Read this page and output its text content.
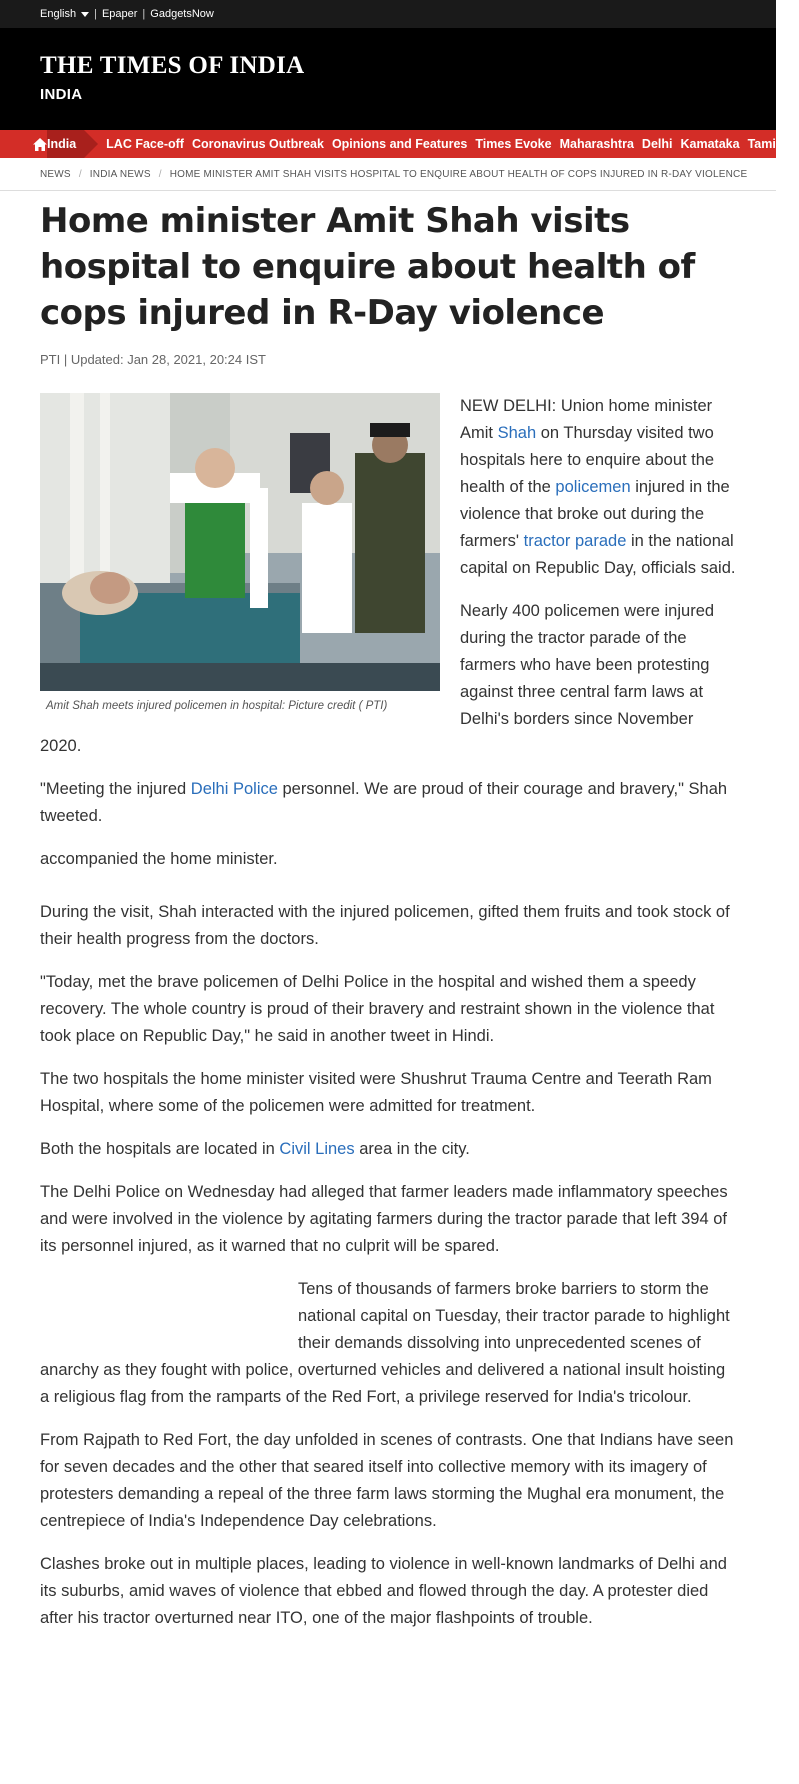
English | Epaper | GadgetsNow
THE TIMES OF INDIA
INDIA
India	LAC Face-off Coronavirus Outbreak Opinions and Features Times Evoke Maharashtra Delhi Kamataka Tamil Na
NEWS / INDIA NEWS / HOME MINISTER AMIT SHAH VISITS HOSPITAL TO ENQUIRE ABOUT HEALTH OF COPS INJURED IN R-DAY VIOLENCE
Home minister Amit Shah visits hospital to enquire about health of cops injured in R-Day violence
PTI | Updated: Jan 28, 2021, 20:24 IST
Amit Shah meets injured policemen in hospital: Picture credit ( PTI)

NEW DELHI: Union home minister Amit Shah on Thursday visited two hospitals here to enquire about the health of the policemen injured in the violence that broke out during the farmers' tractor parade in the national capital on Republic Day, officials said.

Nearly 400 policemen were injured during the tractor parade of the farmers who have been protesting against three central farm laws at Delhi's borders since November 2020.

"Meeting the injured Delhi Police personnel. We are proud of their courage and bravery," Shah tweeted.

accompanied the home minister.

During the visit, Shah interacted with the injured policemen, gifted them fruits and took stock of their health progress from the doctors.

"Today, met the brave policemen of Delhi Police in the hospital and wished them a speedy recovery. The whole country is proud of their bravery and restraint shown in the violence that took place on Republic Day," he said in another tweet in Hindi.

The two hospitals the home minister visited were Shushrut Trauma Centre and Teerath Ram Hospital, where some of the policemen were admitted for treatment.

Both the hospitals are located in Civil Lines area in the city.

The Delhi Police on Wednesday had alleged that farmer leaders made inflammatory speeches and were involved in the violence by agitating farmers during the tractor parade that left 394 of its personnel injured, as it warned that no culprit will be spared.

Tens of thousands of farmers broke barriers to storm the national capital on Tuesday, their tractor parade to highlight their demands dissolving into unprecedented scenes of anarchy as they fought with police, overturned vehicles and delivered a national insult hoisting a religious flag from the ramparts of the Red Fort, a privilege reserved for India's tricolour.

From Rajpath to Red Fort, the day unfolded in scenes of contrasts. One that Indians have seen for seven decades and the other that seared itself into collective memory with its imagery of protesters demanding a repeal of the three farm laws storming the Mughal era monument, the centrepiece of India's Independence Day celebrations.

Clashes broke out in multiple places, leading to violence in well-known landmarks of Delhi and its suburbs, amid waves of violence that ebbed and flowed through the day. A protester died after his tractor overturned near ITO, one of the major flashpoints of trouble.
